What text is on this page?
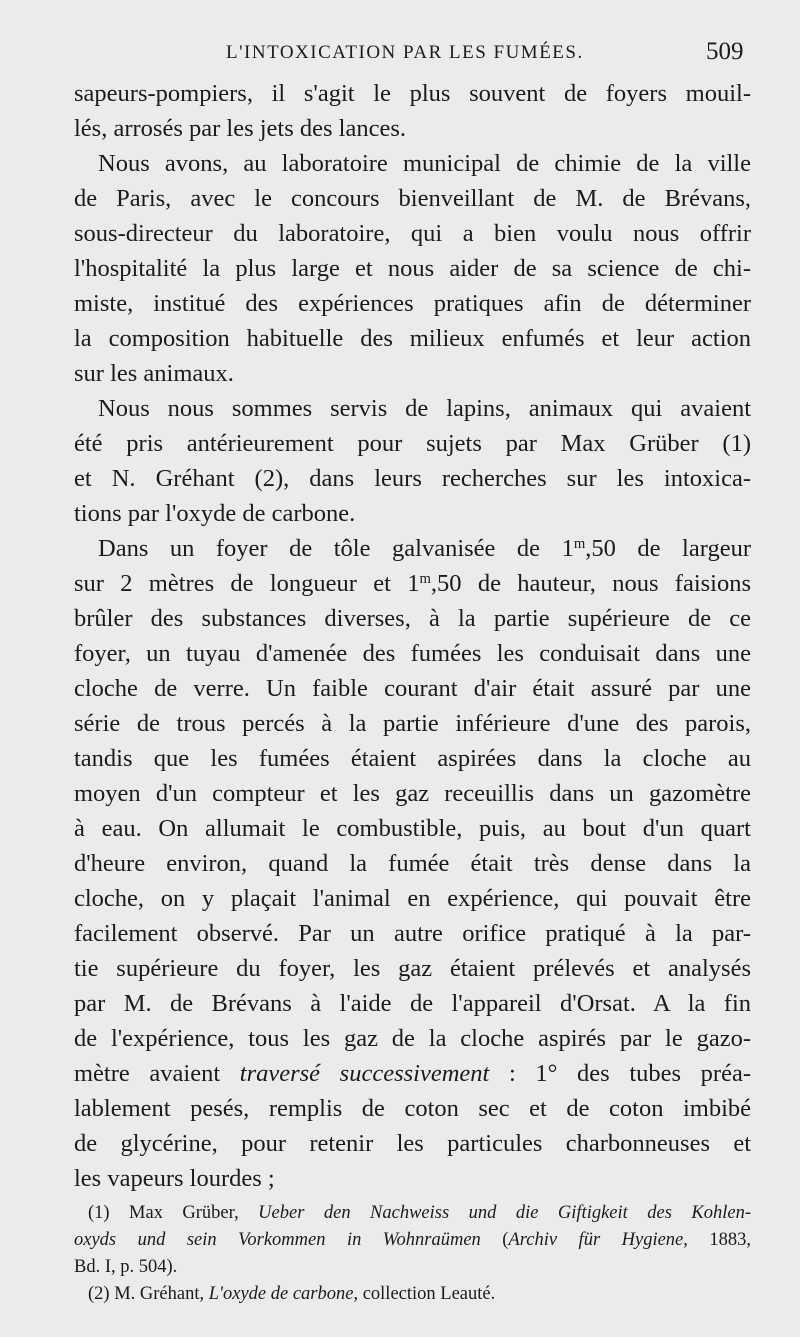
L'INTOXICATION PAR LES FUMÉES.	509
sapeurs-pompiers, il s'agit le plus souvent de foyers mouil-
lés, arrosés par les jets des lances.
Nous avons, au laboratoire municipal de chimie de la ville
de Paris, avec le concours bienveillant de M. de Brévans,
sous-directeur du laboratoire, qui a bien voulu nous offrir
l'hospitalité la plus large et nous aider de sa science de chi-
miste, institué des expériences pratiques afin de déterminer
la composition habituelle des milieux enfumés et leur action
sur les animaux.
Nous nous sommes servis de lapins, animaux qui avaient
été pris antérieurement pour sujets par Max Grüber (1)
et N. Gréhant (2), dans leurs recherches sur les intoxica-
tions par l'oxyde de carbone.
Dans un foyer de tôle galvanisée de 1$^m$,50 de largeur
sur 2 mètres de longueur et 1$^m$,50 de hauteur, nous faisions
brûler des substances diverses, à la partie supérieure de ce
foyer, un tuyau d'amenée des fumées les conduisait dans une
cloche de verre. Un faible courant d'air était assuré par une
série de trous percés à la partie inférieure d'une des parois,
tandis que les fumées étaient aspirées dans la cloche au
moyen d'un compteur et les gaz receuillis dans un gazomètre
à eau. On allumait le combustible, puis, au bout d'un quart
d'heure environ, quand la fumée était très dense dans la
cloche, on y plaçait l'animal en expérience, qui pouvait être
facilement observé. Par un autre orifice pratiqué à la par-
tie supérieure du foyer, les gaz étaient prélevés et analysés
par M. de Brévans à l'aide de l'appareil d'Orsat. A la fin
de l'expérience, tous les gaz de la cloche aspirés par le gazo-
mètre avaient traversé successivement : 1° des tubes préa-
lablement pesés, remplis de coton sec et de coton imbibé
de glycérine, pour retenir les particules charbonneuses et
les vapeurs lourdes ;
(1) Max Grüber, Ueber den Nachweiss und die Giftigkeit des Kohlen-
oxyds und sein Vorkommen in Wohnraümen (Archiv für Hygiene, 1883,
Bd. I, p. 504).
(2) M. Gréhant, L'oxyde de carbone, collection Leauté.
